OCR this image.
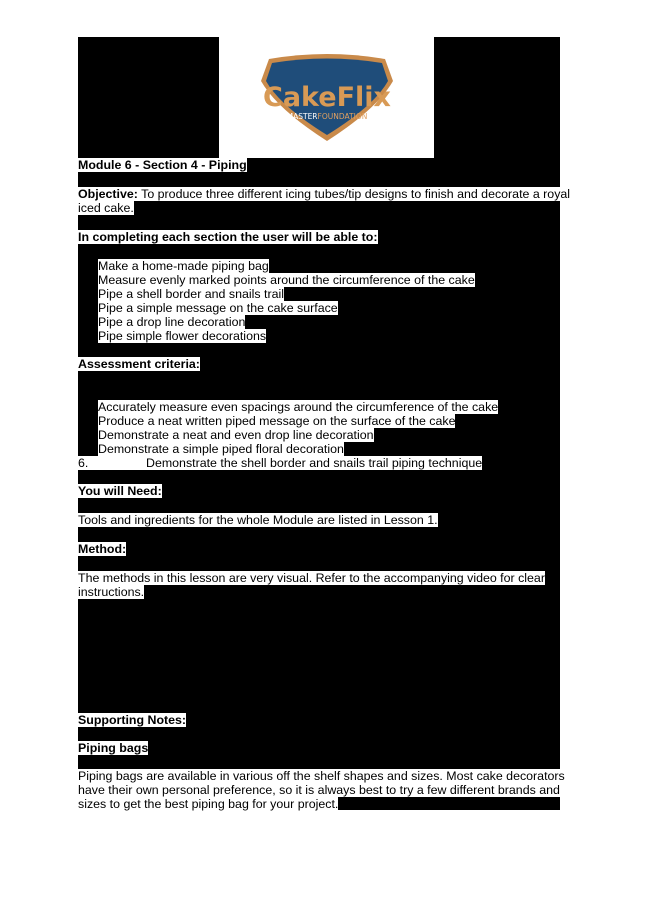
CakeFlix
MASTERFOUNDATION
Module 6 - Section 4 - Piping
Objective: To produce three different icing tubes/tip designs to finish and decorate a royal
iced cake.
In completing each section the user will be able to:
Make a home-made piping bag
Measure evenly marked points around the circumference of the cake
Pipe a shell border and snails trail
Pipe a simple message on the cake surface
Pipe a drop line decoration
Pipe simple flower decorations
Assessment criteria:
Accurately measure even spacings around the circumference of the cake
Produce a neat written piped message on the surface of the cake
Demonstrate a neat and even drop line decoration
Demonstrate a simple piped floral decoration
6.	Demonstrate the shell border and snails trail piping technique
You will Need:
Tools and ingredients for the whole Module are listed in Lesson 1.
Method:
The methods in this lesson are very visual. Refer to the accompanying video for clear
instructions.
Supporting Notes:
Piping bags
Piping bags are available in various off the shelf shapes and sizes. Most cake decorators
have their own personal preference, so it is always best to try a few different brands and
sizes to get the best piping bag for your project.
